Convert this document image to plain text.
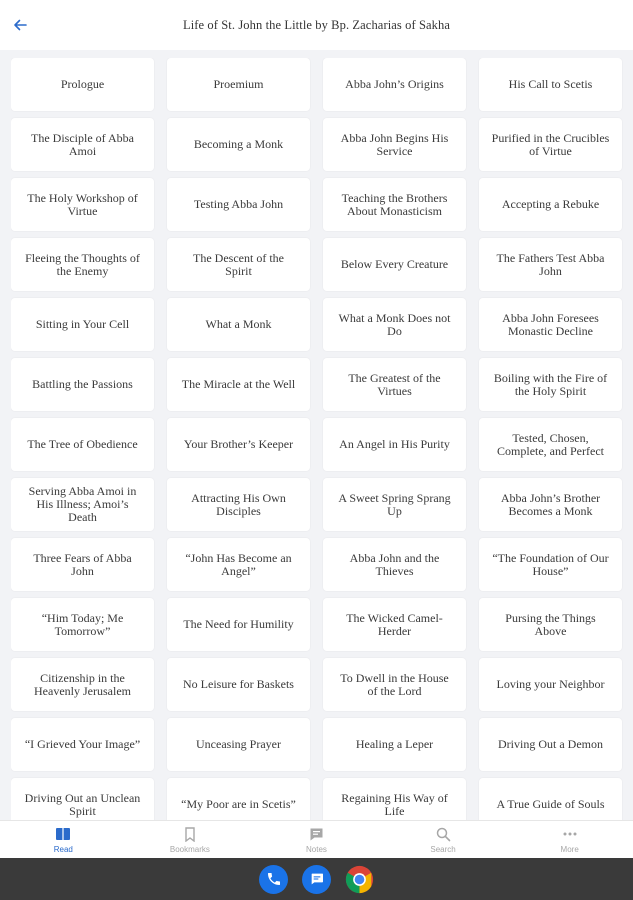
Life of St. John the Little by Bp. Zacharias of Sakha
Prologue	Proemium	Abba John’s Origins	His Call to Scetis
The Disciple of Abba Amoi	Becoming a Monk	Abba John Begins His Service
Purified in the Crucibles of Virtue
The Holy Workshop of Virtue	Testing Abba John	Teaching the Brothers About Monasticism	Accepting a Rebuke
Fleeing the Thoughts of the Enemy
The Descent of the Spirit	Below Every Creature	The Fathers Test Abba John
Sitting in Your Cell	What a Monk	What a Monk Does not Do
Abba John Foresees Monastic Decline
Battling the Passions	The Miracle at the Well	The Greatest of the Virtues
Boiling with the Fire of the Holy Spirit
The Tree of Obedience	Your Brother’s Keeper	An Angel in His Purity	Tested, Chosen, Complete, and Perfect
Serving Abba Amoi in His Illness; Amoi’s Death
Attracting His Own Disciples
A Sweet Spring Sprang Up
Abba John’s Brother Becomes a Monk
Three Fears of Abba John
“John Has Become an Angel”
Abba John and the Thieves
“The Foundation of Our House”
“Him Today; Me Tomorrow”	The Need for Humility	The Wicked Camel-Herder
Pursing the Things Above
Citizenship in the Heavenly Jerusalem	No Leisure for Baskets	To Dwell in the House of the Lord	Loving your Neighbor
“I Grieved Your Image”	Unceasing Prayer	Healing a Leper	Driving Out a Demon
Driving Out an Unclean Spirit	“My Poor are in Scetis”	Regaining His Way of Life	A True Guide of Souls
Read	Bookmarks	Notes	Search	More
